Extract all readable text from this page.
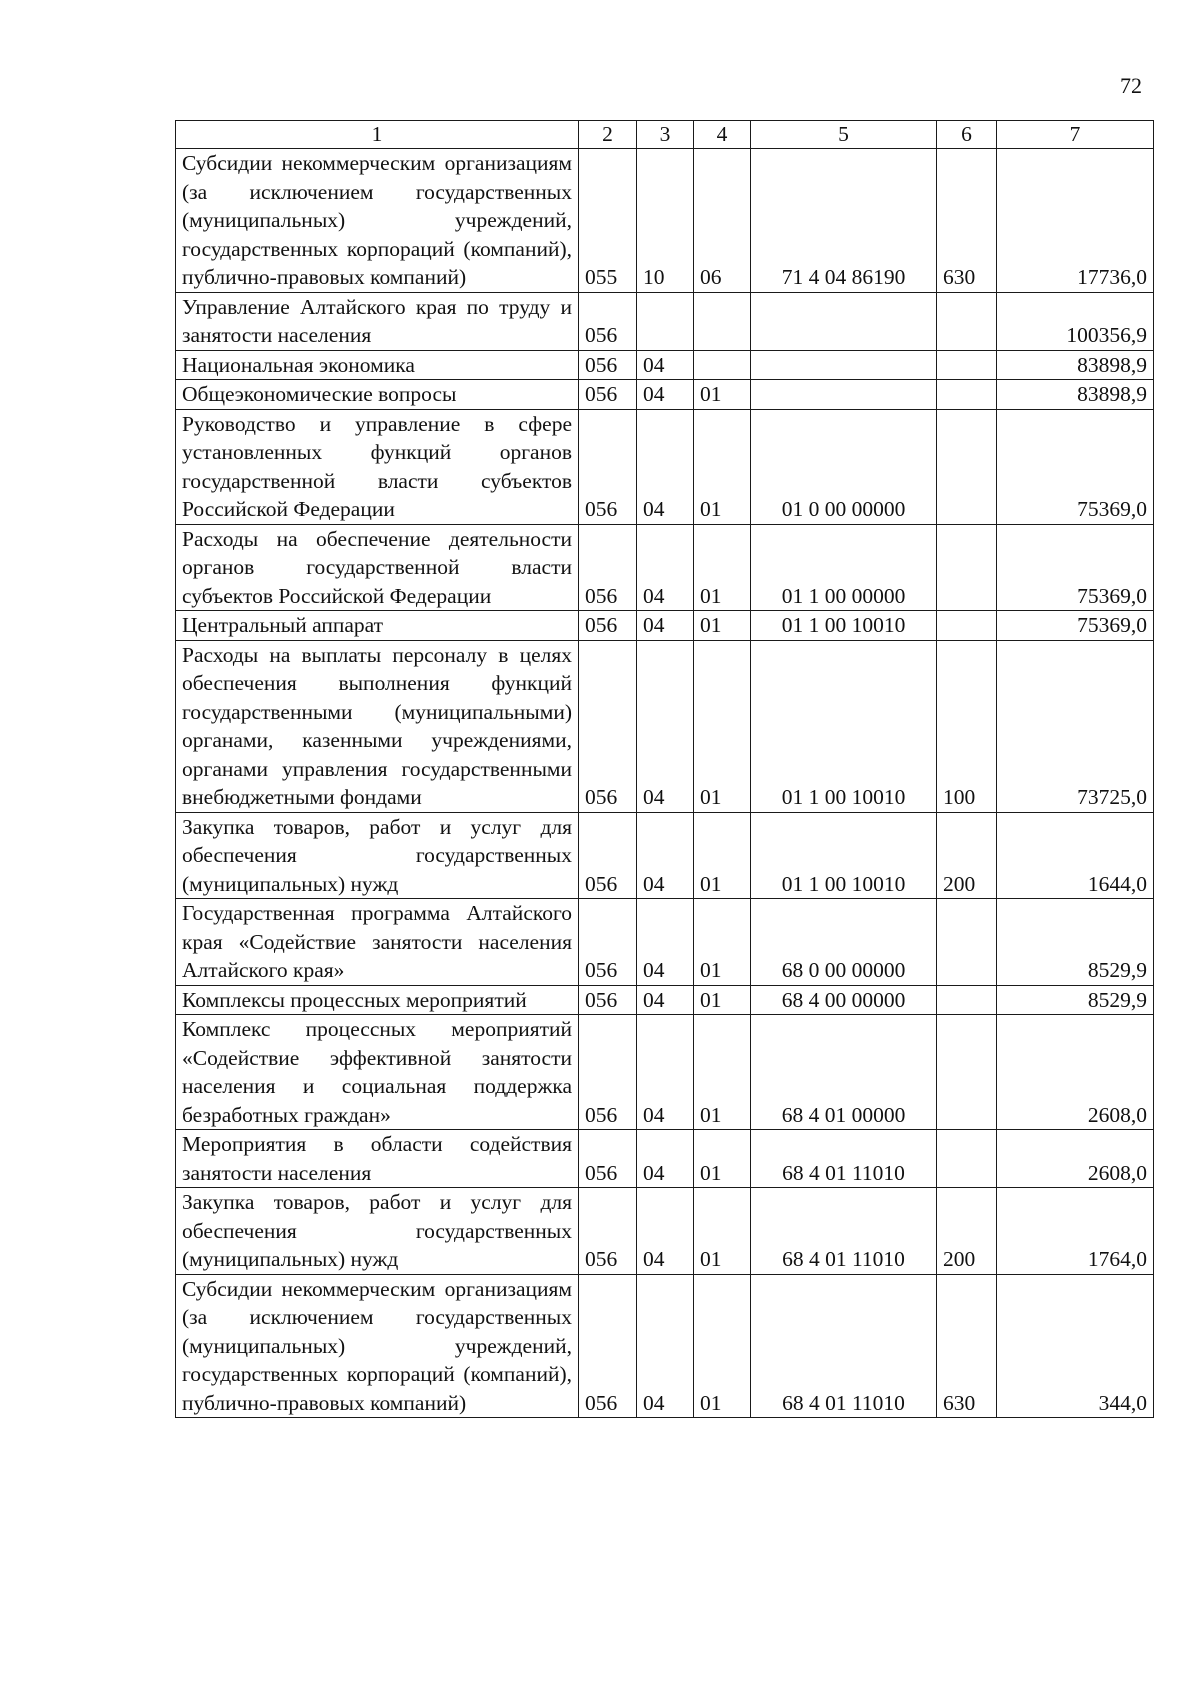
72
1	2	3	4	5	6	7
Субсидии некоммерческим организациям (за исключением государственных (муниципальных) учреждений, государственных корпораций (компаний), публично-правовых компаний)	055	10	06	71 4 04 86190	630	17736,0
Управление Алтайского края по труду и занятости населения	056					100356,9
Национальная экономика	056	04				83898,9
Общеэкономические вопросы	056	04	01			83898,9
Руководство и управление в сфере установленных функций органов государственной власти субъектов Российской Федерации	056	04	01	01 0 00 00000		75369,0
Расходы на обеспечение деятельности органов государственной власти субъектов Российской Федерации	056	04	01	01 1 00 00000		75369,0
Центральный аппарат	056	04	01	01 1 00 10010		75369,0
Расходы на выплаты персоналу в целях обеспечения выполнения функций государственными (муниципальными) органами, казенными учреждениями, органами управления государственными внебюджетными фондами	056	04	01	01 1 00 10010	100	73725,0
Закупка товаров, работ и услуг для обеспечения государственных (муниципальных) нужд	056	04	01	01 1 00 10010	200	1644,0
Государственная программа Алтайского края «Содействие занятости населения Алтайского края»	056	04	01	68 0 00 00000		8529,9
Комплексы процессных мероприятий	056	04	01	68 4 00 00000		8529,9
Комплекс процессных мероприятий «Содействие эффективной занятости населения и социальная поддержка безработных граждан»	056	04	01	68 4 01 00000		2608,0
Мероприятия в области содействия занятости населения	056	04	01	68 4 01 11010		2608,0
Закупка товаров, работ и услуг для обеспечения государственных (муниципальных) нужд	056	04	01	68 4 01 11010	200	1764,0
Субсидии некоммерческим организациям (за исключением государственных (муниципальных) учреждений, государственных корпораций (компаний), публично-правовых компаний)	056	04	01	68 4 01 11010	630	344,0
